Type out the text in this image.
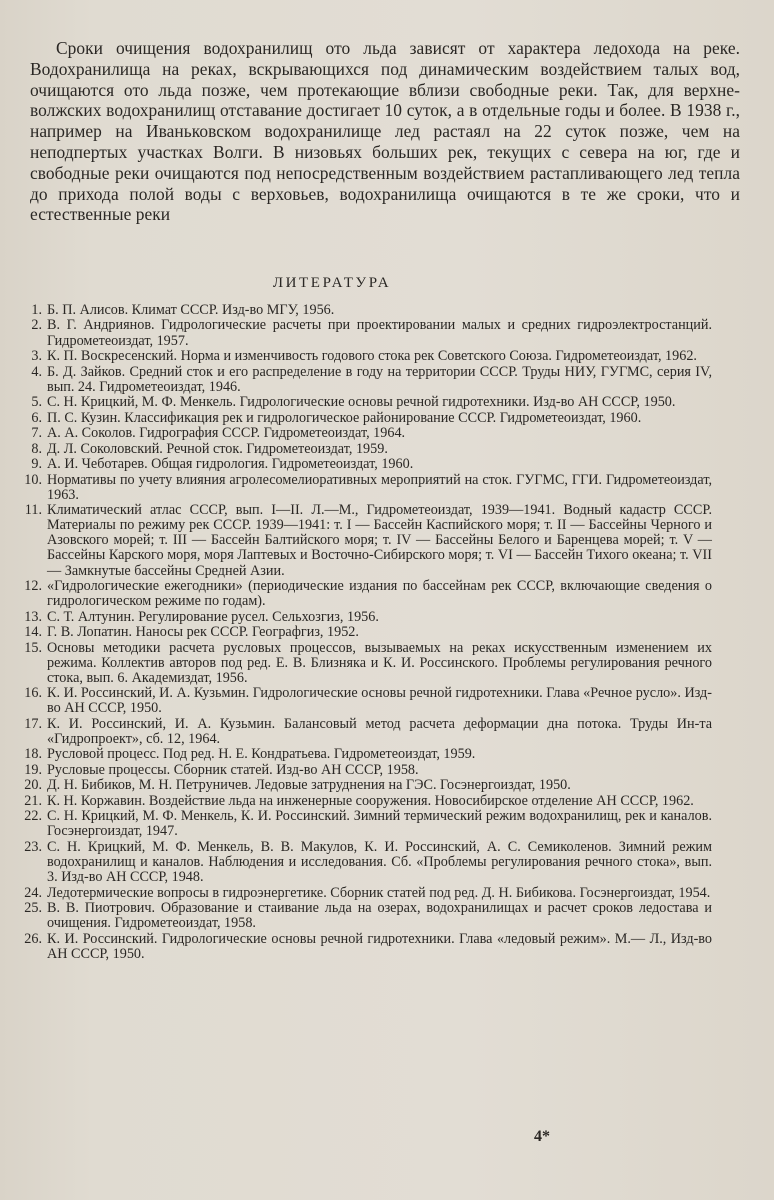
Сроки очищения водохранилищ ото льда зависят от характера ледохода на реке. Водохранилища на реках, вскрывающихся под динамическим воздействием талых вод, очищаются ото льда позже, чем протекающие вблизи свободные реки. Так, для верхне-волжских водохранилищ отставание достигает 10 суток, а в отдельные годы и более. В 1938 г., например на Иваньковском водохранилище лед растаял на 22 суток позже, чем на неподпертых участках Волги. В низовьях больших рек, текущих с севера на юг, где и свободные реки очищаются под непосредственным воздействием растапливающего лед тепла до прихода полой воды с верховьев, водохранилища очищаются в те же сроки, что и естественные реки

ЛИТЕРАТУРА
1. Б. П. Алисов. Климат СССР. Изд-во МГУ, 1956.
2. В. Г. Андриянов. Гидрологические расчеты при проектировании малых и средних гидроэлектростанций. Гидрометеоиздат, 1957.
3. К. П. Воскресенский. Норма и изменчивость годового стока рек Советского Союза. Гидрометеоиздат, 1962.
4. Б. Д. Зайков. Средний сток и его распределение в году на территории СССР. Труды НИУ, ГУГМС, серия IV, вып. 24. Гидрометеоиздат, 1946.
5. С. Н. Крицкий, М. Ф. Менкель. Гидрологические основы речной гидротехники. Изд-во АН СССР, 1950.
6. П. С. Кузин. Классификация рек и гидрологическое районирование СССР. Гидрометеоиздат, 1960.
7. А. А. Соколов. Гидрография СССР. Гидрометеоиздат, 1964.
8. Д. Л. Соколовский. Речной сток. Гидрометеоиздат, 1959.
9. А. И. Чеботарев. Общая гидрология. Гидрометеоиздат, 1960.
10. Нормативы по учету влияния агролесомелиоративных мероприятий на сток. ГУГМС, ГГИ. Гидрометеоиздат, 1963.
11. Климатический атлас СССР, вып. I—II. Л.—М., Гидрометеоиздат, 1939—1941. Водный кадастр СССР. Материалы по режиму рек СССР. 1939—1941: т. I — Бассейн Каспийского моря; т. II — Бассейны Черного и Азовского морей; т. III — Бассейн Балтийского моря; т. IV — Бассейны Белого и Баренцева морей; т. V — Бассейны Карского моря, моря Лаптевых и Восточно-Сибирского моря; т. VI — Бассейн Тихого океана; т. VII — Замкнутые бассейны Средней Азии.
12. «Гидрологические ежегодники» (периодические издания по бассейнам рек СССР, включающие сведения о гидрологическом режиме по годам).
13. С. Т. Алтунин. Регулирование русел. Сельхозгиз, 1956.
14. Г. В. Лопатин. Наносы рек СССР. Географгиз, 1952.
15. Основы методики расчета русловых процессов, вызываемых на реках искусственным изменением их режима. Коллектив авторов под ред. Е. В. Близняка и К. И. Россинского. Проблемы регулирования речного стока, вып. 6. Академиздат, 1956.
16. К. И. Россинский, И. А. Кузьмин. Гидрологические основы речной гидротехники. Глава «Речное русло». Изд-во АН СССР, 1950.
17. К. И. Россинский, И. А. Кузьмин. Балансовый метод расчета деформации дна потока. Труды Ин-та «Гидропроект», сб. 12, 1964.
18. Русловой процесс. Под ред. Н. Е. Кондратьева. Гидрометеоиздат, 1959.
19. Русловые процессы. Сборник статей. Изд-во АН СССР, 1958.
20. Д. Н. Бибиков, М. Н. Петруничев. Ледовые затруднения на ГЭС. Госэнергоиздат, 1950.
21. К. Н. Коржавин. Воздействие льда на инженерные сооружения. Новосибирское отделение АН СССР, 1962.
22. С. Н. Крицкий, М. Ф. Менкель, К. И. Россинский. Зимний термический режим водохранилищ, рек и каналов. Госэнергоиздат, 1947.
23. С. Н. Крицкий, М. Ф. Менкель, В. В. Макулов, К. И. Россинский, А. С. Семиколенов. Зимний режим водохранилищ и каналов. Наблюдения и исследования. Сб. «Проблемы регулирования речного стока», вып. 3. Изд-во АН СССР, 1948.
24. Ледотермические вопросы в гидроэнергетике. Сборник статей под ред. Д. Н. Бибикова. Госэнергоиздат, 1954.
25. В. В. Пиотрович. Образование и стаивание льда на озерах, водохранилищах и расчет сроков ледостава и очищения. Гидрометеоиздат, 1958.
26. К. И. Россинский. Гидрологические основы речной гидротехники. Глава «ледовый режим». М.— Л., Изд-во АН СССР, 1950.
4*
